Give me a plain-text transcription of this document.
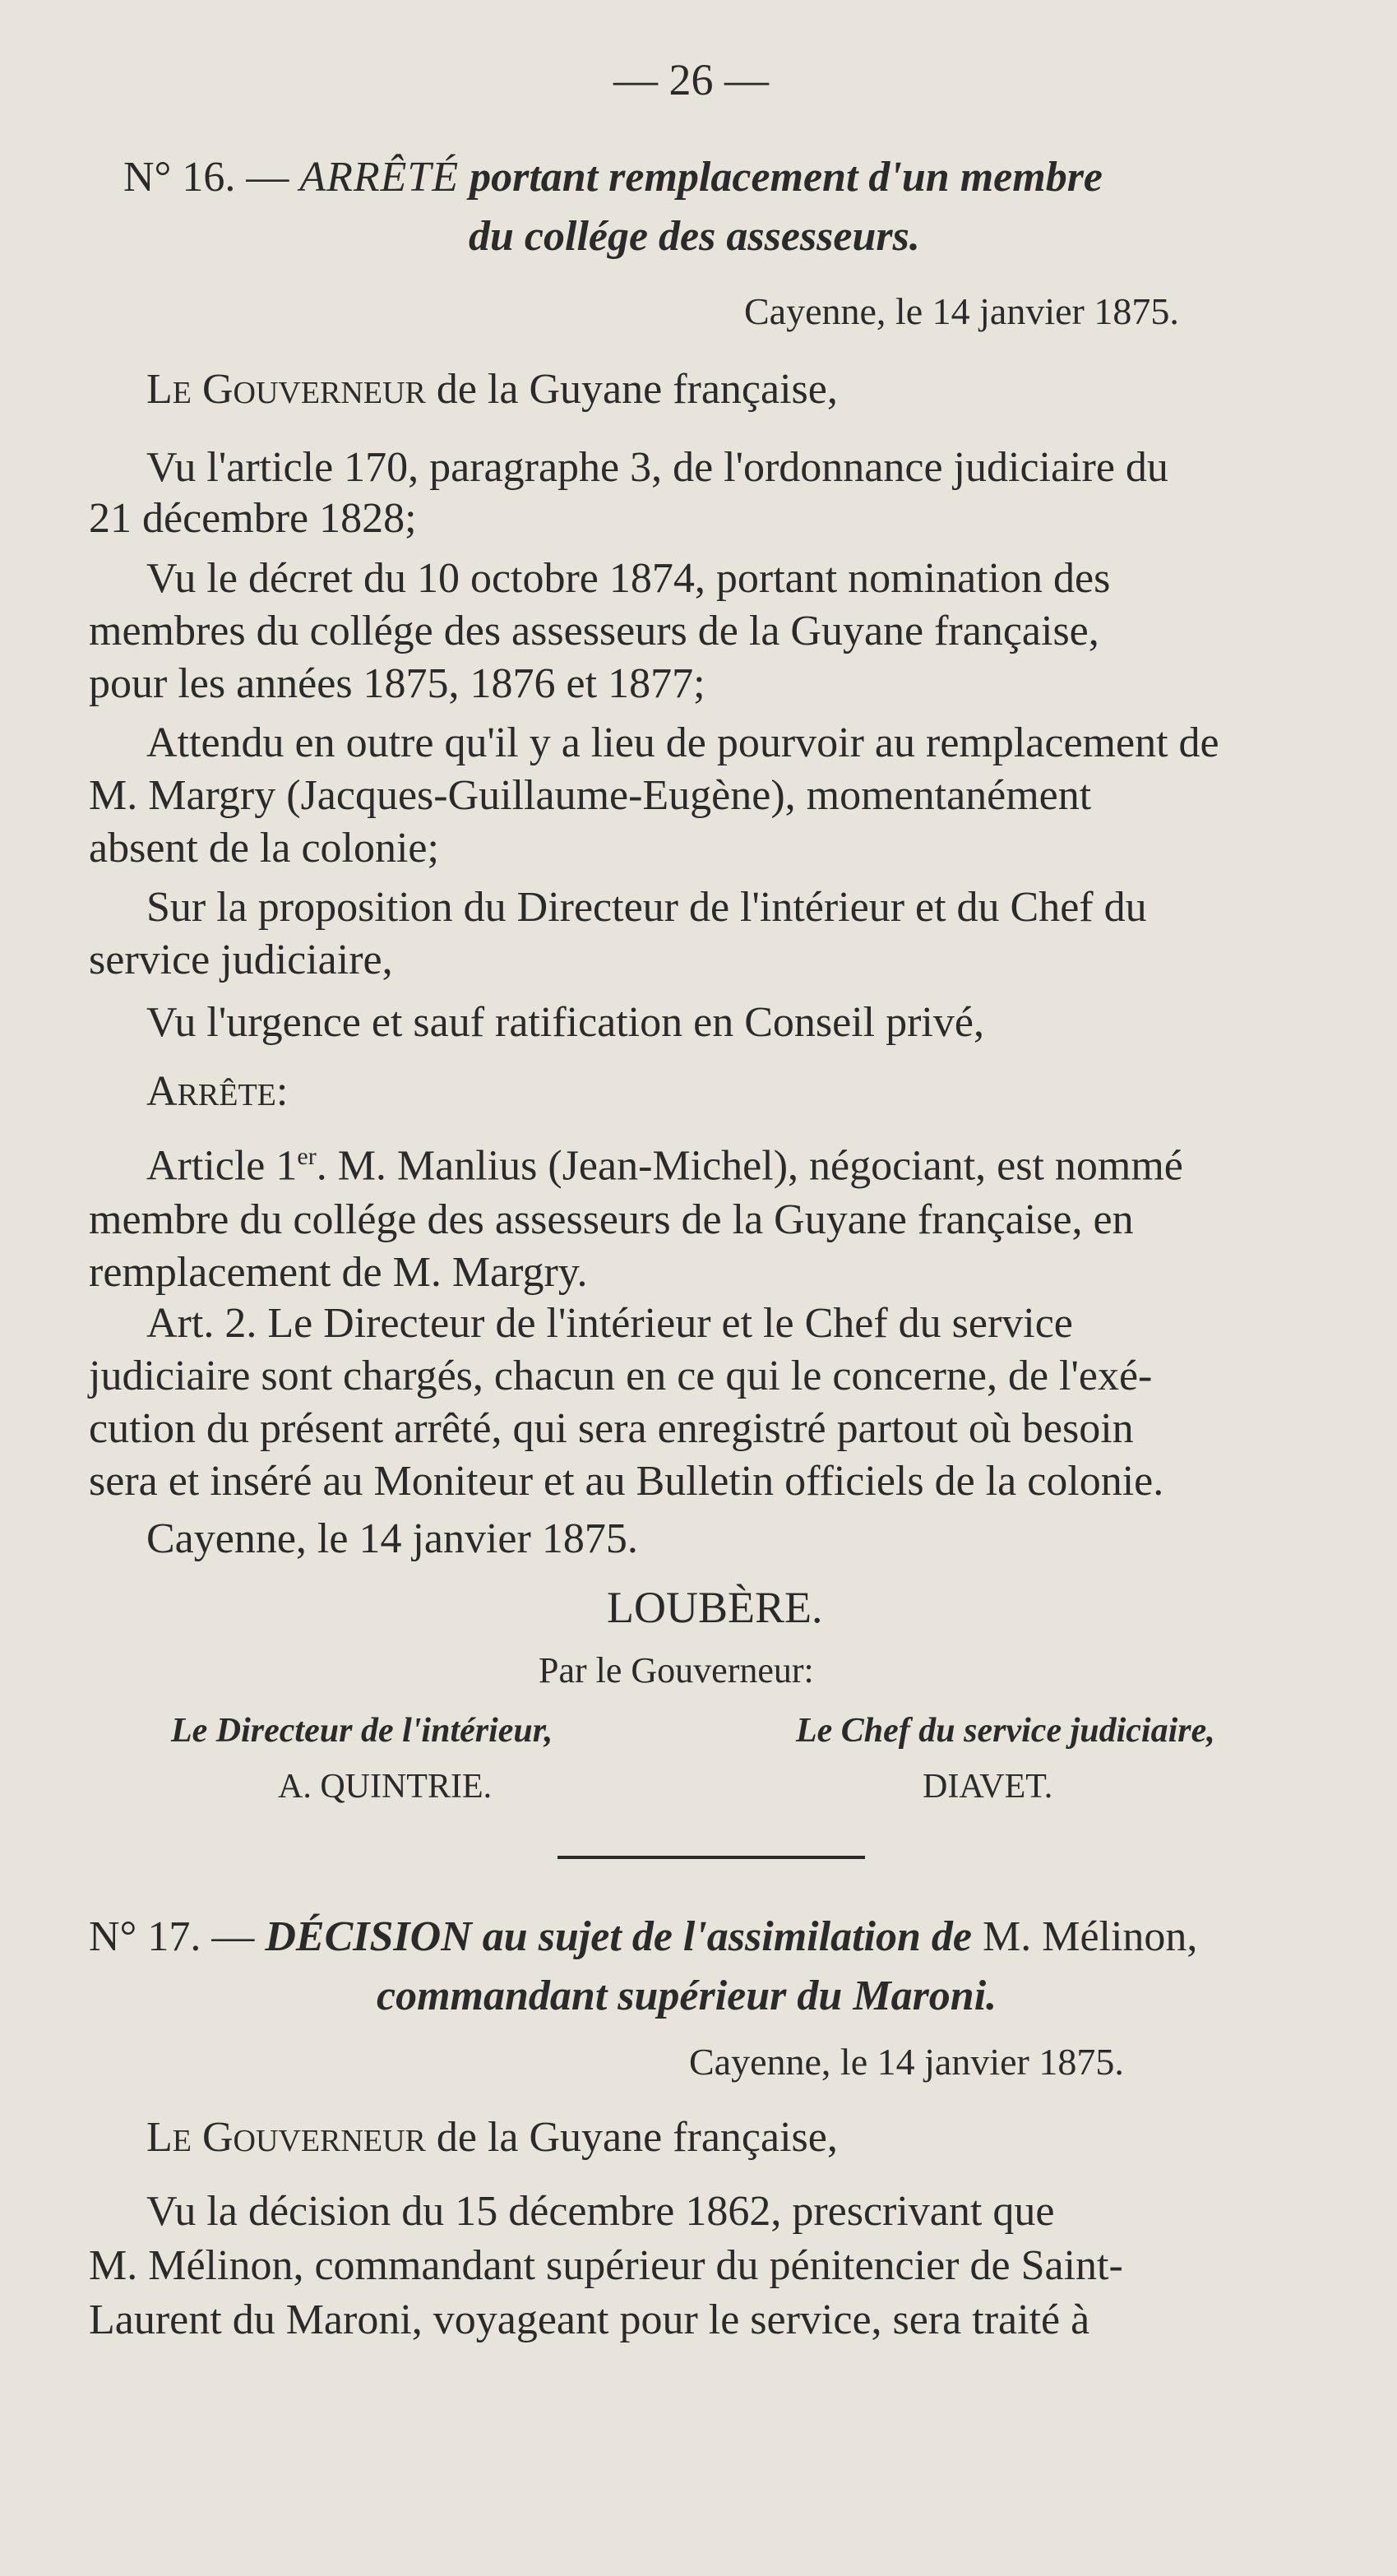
— 26 —
N° 16. — ARRÊTÉ portant remplacement d'un membre
du collége des assesseurs.
Cayenne, le 14 janvier 1875.
LE GOUVERNEUR de la Guyane française,
Vu l'article 170, paragraphe 3, de l'ordonnance judiciaire du
21 décembre 1828;
Vu le décret du 10 octobre 1874, portant nomination des
membres du collége des assesseurs de la Guyane française,
pour les années 1875, 1876 et 1877;
Attendu en outre qu'il y a lieu de pourvoir au remplacement de
M. Margry (Jacques-Guillaume-Eugène), momentanément
absent de la colonie;
Sur la proposition du Directeur de l'intérieur et du Chef du
service judiciaire,
Vu l'urgence et sauf ratification en Conseil privé,
ARRÊTE:
Article 1er. M. Manlius (Jean-Michel), négociant, est nommé
membre du collége des assesseurs de la Guyane française, en
remplacement de M. Margry.
Art. 2. Le Directeur de l'intérieur et le Chef du service
judiciaire sont chargés, chacun en ce qui le concerne, de l'exé-
cution du présent arrêté, qui sera enregistré partout où besoin
sera et inséré au Moniteur et au Bulletin officiels de la colonie.
Cayenne, le 14 janvier 1875.
LOUBÈRE.
Par le Gouverneur:
Le Directeur de l'intérieur,
A. QUINTRIE.
Le Chef du service judiciaire,
DIAVET.
N° 17. — DÉCISION au sujet de l'assimilation de M. Mélinon,
commandant supérieur du Maroni.
Cayenne, le 14 janvier 1875.
LE GOUVERNEUR de la Guyane française,
Vu la décision du 15 décembre 1862, prescrivant que
M. Mélinon, commandant supérieur du pénitencier de Saint-
Laurent du Maroni, voyageant pour le service, sera traité à
